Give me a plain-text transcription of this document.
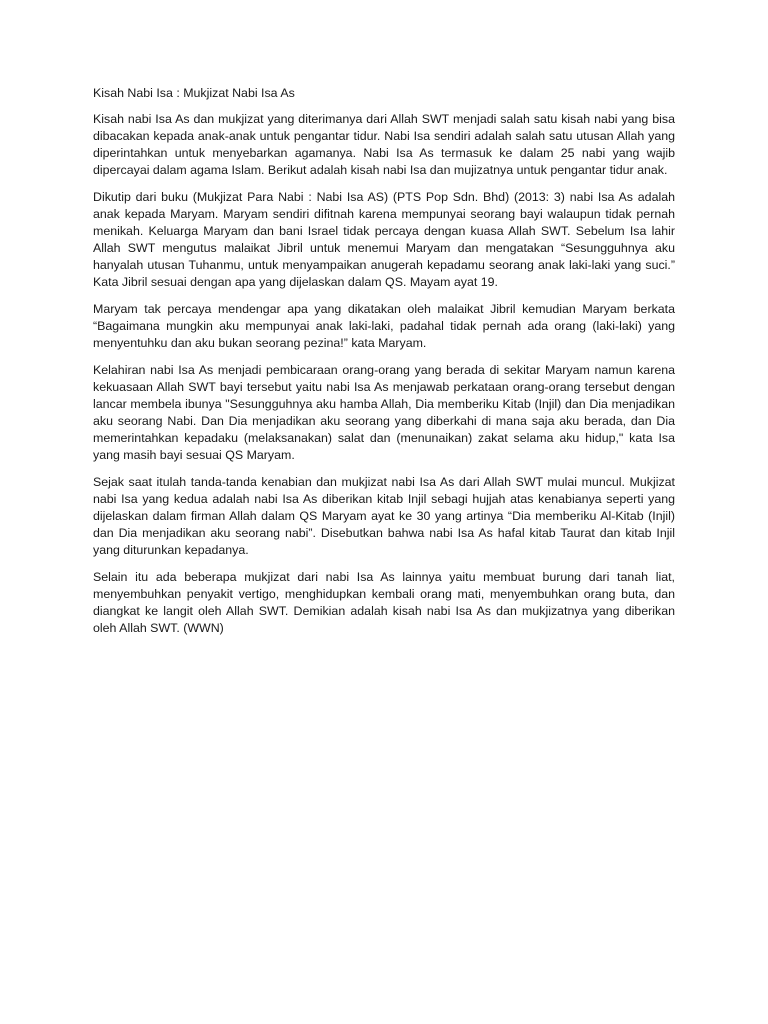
Kisah Nabi Isa : Mukjizat Nabi Isa As

Kisah nabi Isa As dan mukjizat yang diterimanya dari Allah SWT menjadi salah satu kisah nabi yang bisa dibacakan kepada anak-anak untuk pengantar tidur. Nabi Isa sendiri adalah salah satu utusan Allah yang diperintahkan untuk menyebarkan agamanya. Nabi Isa As termasuk ke dalam 25 nabi yang wajib dipercayai dalam agama Islam. Berikut adalah kisah nabi Isa dan mujizatnya untuk pengantar tidur anak.

Dikutip dari buku (Mukjizat Para Nabi : Nabi Isa AS) (PTS Pop Sdn. Bhd) (2013: 3) nabi Isa As adalah anak kepada Maryam. Maryam sendiri difitnah karena mempunyai seorang bayi walaupun tidak pernah menikah. Keluarga Maryam dan bani Israel tidak percaya dengan kuasa Allah SWT. Sebelum Isa lahir Allah SWT mengutus malaikat Jibril untuk menemui Maryam dan mengatakan “Sesungguhnya aku hanyalah utusan Tuhanmu, untuk menyampaikan anugerah kepadamu seorang anak laki-laki yang suci.” Kata Jibril sesuai dengan apa yang dijelaskan dalam QS. Mayam ayat 19.

Maryam tak percaya mendengar apa yang dikatakan oleh malaikat Jibril kemudian Maryam berkata “Bagaimana mungkin aku mempunyai anak laki-laki, padahal tidak pernah ada orang (laki-laki) yang menyentuhku dan aku bukan seorang pezina!” kata Maryam.

Kelahiran nabi Isa As menjadi pembicaraan orang-orang yang berada di sekitar Maryam namun karena kekuasaan Allah SWT bayi tersebut yaitu nabi Isa As menjawab perkataan orang-orang tersebut dengan lancar membela ibunya "Sesungguhnya aku hamba Allah, Dia memberiku Kitab (Injil) dan Dia menjadikan aku seorang Nabi. Dan Dia menjadikan aku seorang yang diberkahi di mana saja aku berada, dan Dia memerintahkan kepadaku (melaksanakan) salat dan (menunaikan) zakat selama aku hidup," kata Isa yang masih bayi sesuai QS Maryam.

Sejak saat itulah tanda-tanda kenabian dan mukjizat nabi Isa As dari Allah SWT mulai muncul. Mukjizat nabi Isa yang kedua adalah nabi Isa As diberikan kitab Injil sebagi hujjah atas kenabianya seperti yang dijelaskan dalam firman Allah dalam QS Maryam ayat ke 30 yang artinya “Dia memberiku Al-Kitab (Injil) dan Dia menjadikan aku seorang nabi”. Disebutkan bahwa nabi Isa As hafal kitab Taurat dan kitab Injil yang diturunkan kepadanya.

Selain itu ada beberapa mukjizat dari nabi Isa As lainnya yaitu membuat burung dari tanah liat, menyembuhkan penyakit vertigo, menghidupkan kembali orang mati, menyembuhkan orang buta, dan diangkat ke langit oleh Allah SWT. Demikian adalah kisah nabi Isa As dan mukjizatnya yang diberikan oleh Allah SWT. (WWN)
